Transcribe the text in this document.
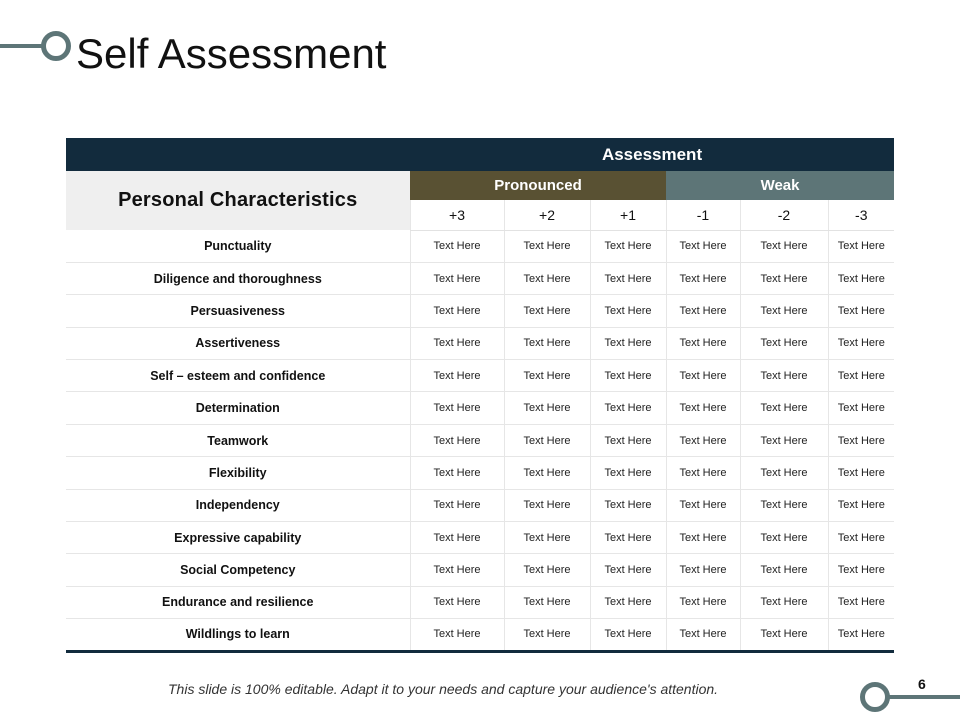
Self Assessment
	Assessment					
Personal Characteristics	Pronounced			Weak		
	+3	+2	+1	-1	-2	-3
Punctuality	Text Here	Text Here	Text Here	Text Here	Text Here	Text Here
Diligence and thoroughness	Text Here	Text Here	Text Here	Text Here	Text Here	Text Here
Persuasiveness	Text Here	Text Here	Text Here	Text Here	Text Here	Text Here
Assertiveness	Text Here	Text Here	Text Here	Text Here	Text Here	Text Here
Self – esteem and confidence	Text Here	Text Here	Text Here	Text Here	Text Here	Text Here
Determination	Text Here	Text Here	Text Here	Text Here	Text Here	Text Here
Teamwork	Text Here	Text Here	Text Here	Text Here	Text Here	Text Here
Flexibility	Text Here	Text Here	Text Here	Text Here	Text Here	Text Here
Independency	Text Here	Text Here	Text Here	Text Here	Text Here	Text Here
Expressive capability	Text Here	Text Here	Text Here	Text Here	Text Here	Text Here
Social Competency	Text Here	Text Here	Text Here	Text Here	Text Here	Text Here
Endurance and resilience	Text Here	Text Here	Text Here	Text Here	Text Here	Text Here
Wildlings to learn	Text Here	Text Here	Text Here	Text Here	Text Here	Text Here

This slide is 100% editable. Adapt it to your needs and capture your audience's attention.	6
